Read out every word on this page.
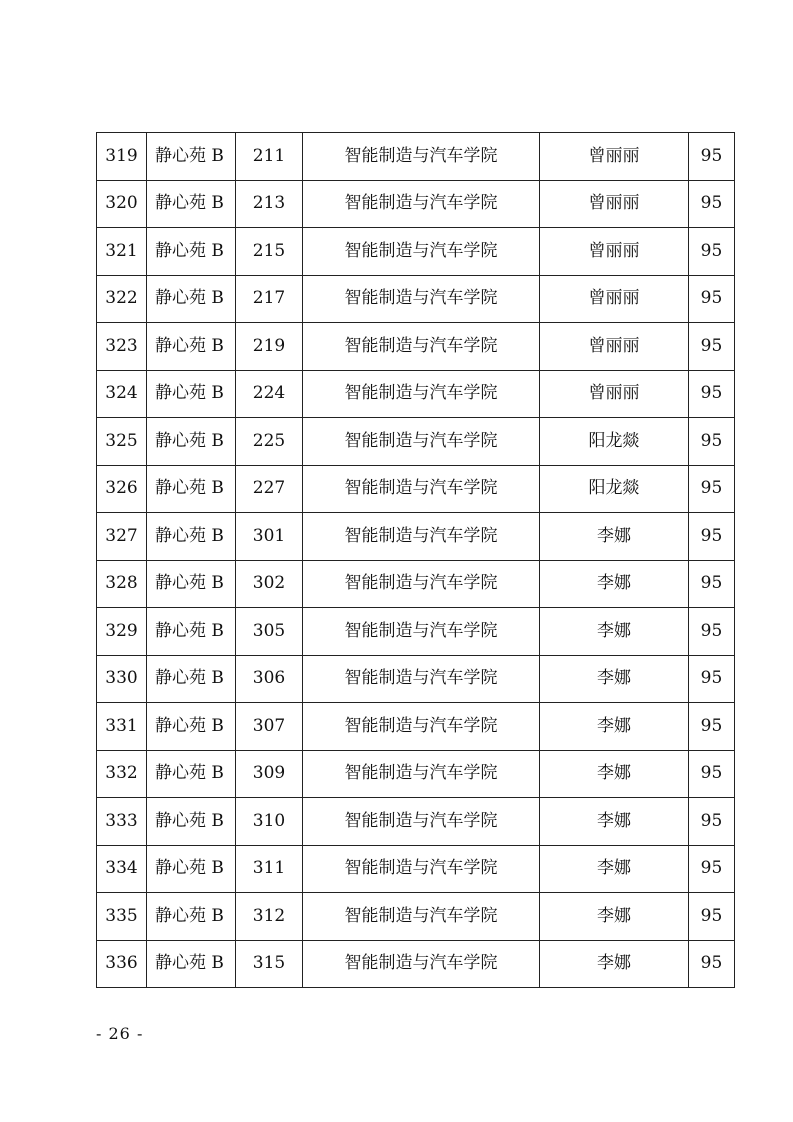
319	静心苑 B	211	智能制造与汽车学院	曾丽丽	95
320	静心苑 B	213	智能制造与汽车学院	曾丽丽	95
321	静心苑 B	215	智能制造与汽车学院	曾丽丽	95
322	静心苑 B	217	智能制造与汽车学院	曾丽丽	95
323	静心苑 B	219	智能制造与汽车学院	曾丽丽	95
324	静心苑 B	224	智能制造与汽车学院	曾丽丽	95
325	静心苑 B	225	智能制造与汽车学院	阳龙燚	95
326	静心苑 B	227	智能制造与汽车学院	阳龙燚	95
327	静心苑 B	301	智能制造与汽车学院	李娜	95
328	静心苑 B	302	智能制造与汽车学院	李娜	95
329	静心苑 B	305	智能制造与汽车学院	李娜	95
330	静心苑 B	306	智能制造与汽车学院	李娜	95
331	静心苑 B	307	智能制造与汽车学院	李娜	95
332	静心苑 B	309	智能制造与汽车学院	李娜	95
333	静心苑 B	310	智能制造与汽车学院	李娜	95
334	静心苑 B	311	智能制造与汽车学院	李娜	95
335	静心苑 B	312	智能制造与汽车学院	李娜	95
336	静心苑 B	315	智能制造与汽车学院	李娜	95
- 26 -
